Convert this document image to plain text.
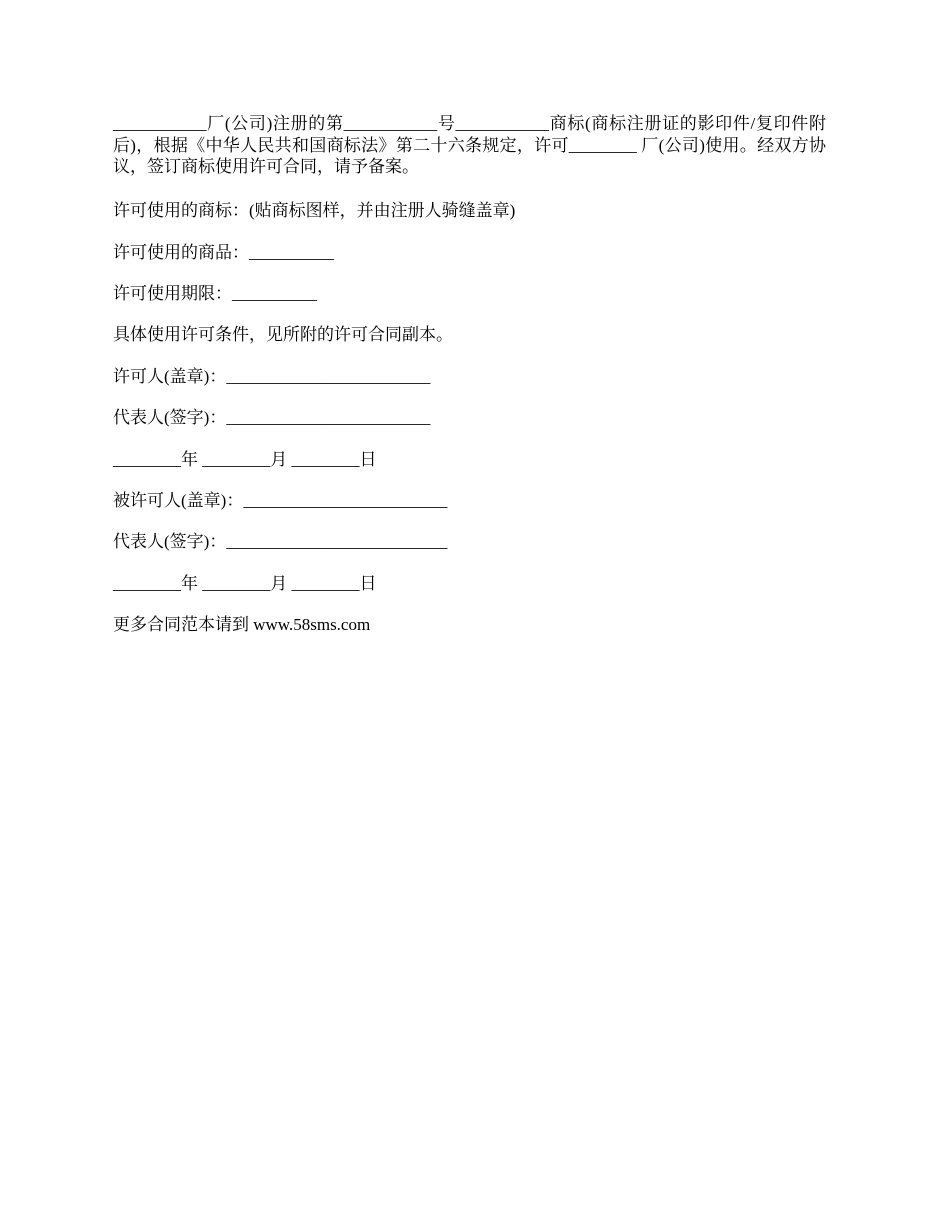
___________厂(公司)注册的第___________号___________商标(商标注册证的影印件/复印件附后)，根据《中华人民共和国商标法》第二十六条规定，许可________ 厂(公司)使用。经双方协议，签订商标使用许可合同，请予备案。

许可使用的商标：(贴商标图样，并由注册人骑缝盖章)

许可使用的商品：__________

许可使用期限：__________

具体使用许可条件，见所附的许可合同副本。

许可人(盖章)：________________________

代表人(签字)：________________________

________年 ________月 ________日

被许可人(盖章)：________________________

代表人(签字)：__________________________

________年 ________月 ________日

更多合同范本请到 www.58sms.com
